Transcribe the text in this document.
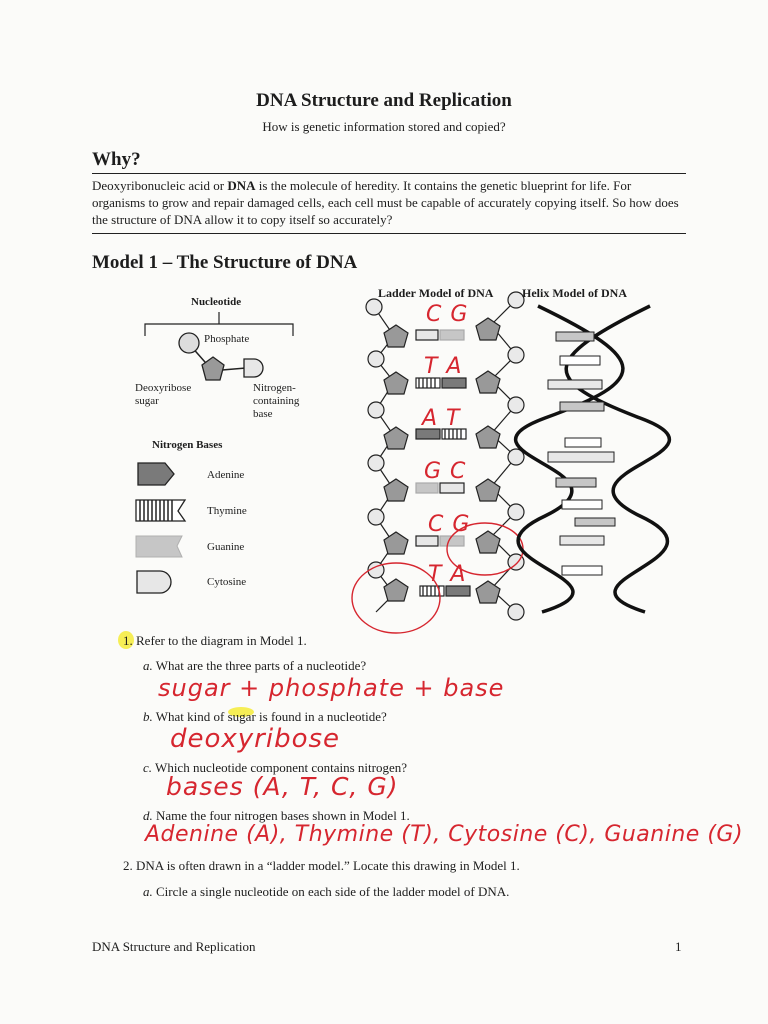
DNA Structure and Replication
How is genetic information stored and copied?
Why?
Deoxyribonucleic acid or DNA is the molecule of heredity. It contains the genetic blueprint for life. For organisms to grow and repair damaged cells, each cell must be capable of accurately copying itself. So how does the structure of DNA allow it to copy itself so accurately?
Model 1 – The Structure of DNA
Nucleotide
Phosphate
Deoxyribose
sugar
Nitrogen-
containing
base
Nitrogen Bases
Adenine
Thymine
Guanine
Cytosine
Ladder Model of DNA Helix Model of DNA
C G
T A
A T
G C
C G
T A
1. Refer to the diagram in Model 1.
a. What are the three parts of a nucleotide?
sugar + phosphate + base
b. What kind of sugar is found in a nucleotide?
deoxyribose
c. Which nucleotide component contains nitrogen?
bases (A, T, C, G)
d. Name the four nitrogen bases shown in Model 1.
Adenine (A), Thymine (T), Cytosine (C), Guanine (G)
2. DNA is often drawn in a “ladder model.” Locate this drawing in Model 1.
a. Circle a single nucleotide on each side of the ladder model of DNA.
DNA Structure and Replication	1
